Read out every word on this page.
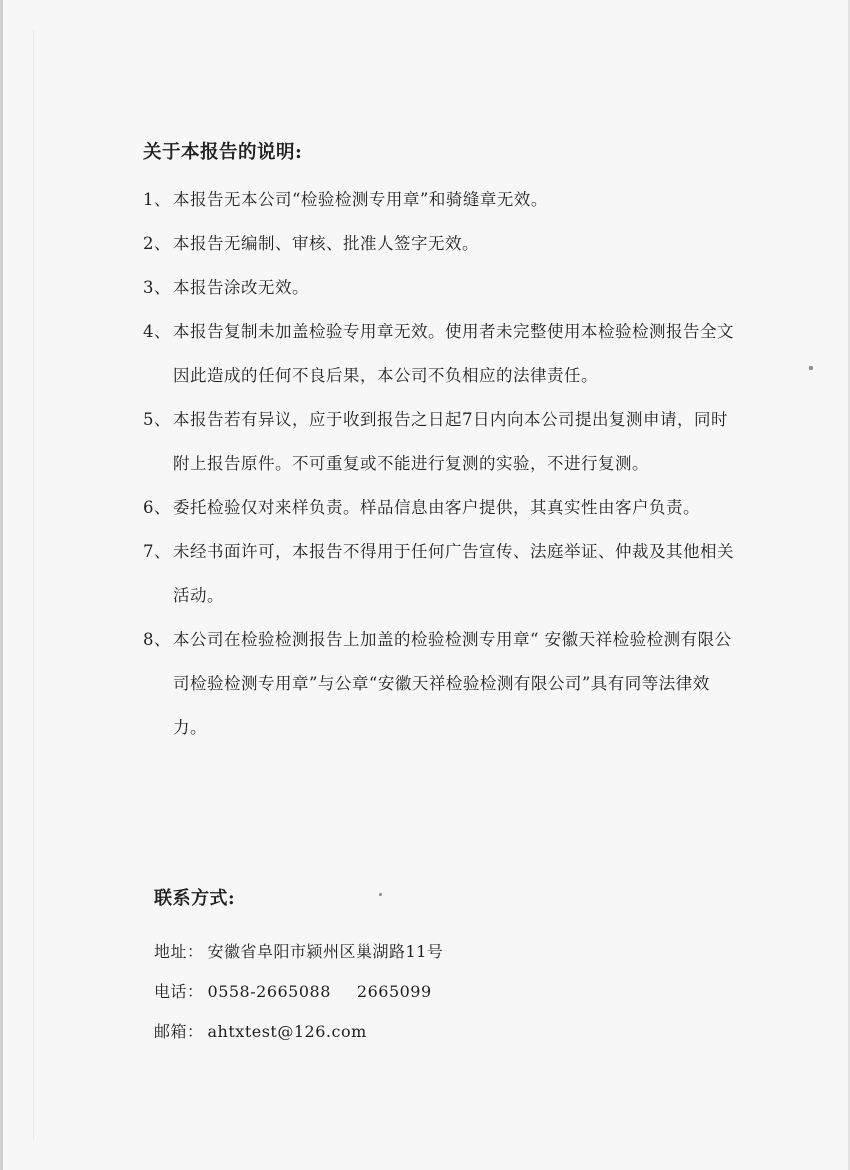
关于本报告的说明:
1、 本报告无本公司“检验检测专用章”和骑缝章无效。
2、 本报告无编制、审核、批准人签字无效。
3、 本报告涂改无效。
4、 本报告复制未加盖检验专用章无效。使用者未完整使用本检验检测报告全文因此造成的任何不良后果，本公司不负相应的法律责任。
5、 本报告若有异议，应于收到报告之日起7日内向本公司提出复测申请，同时附上报告原件。不可重复或不能进行复测的实验，不进行复测。
6、 委托检验仅对来样负责。样品信息由客户提供，其真实性由客户负责。
7、 未经书面许可，本报告不得用于任何广告宣传、法庭举证、仲裁及其他相关活动。
8、 本公司在检验检测报告上加盖的检验检测专用章“ 安徽天祥检验检测有限公司检验检测专用章”与公章“安徽天祥检验检测有限公司”具有同等法律效力。
联系方式:
地址： 安徽省阜阳市颍州区巢湖路11号
电话： 0558-2665088 2665099
邮箱： ahtxtest@126.com
